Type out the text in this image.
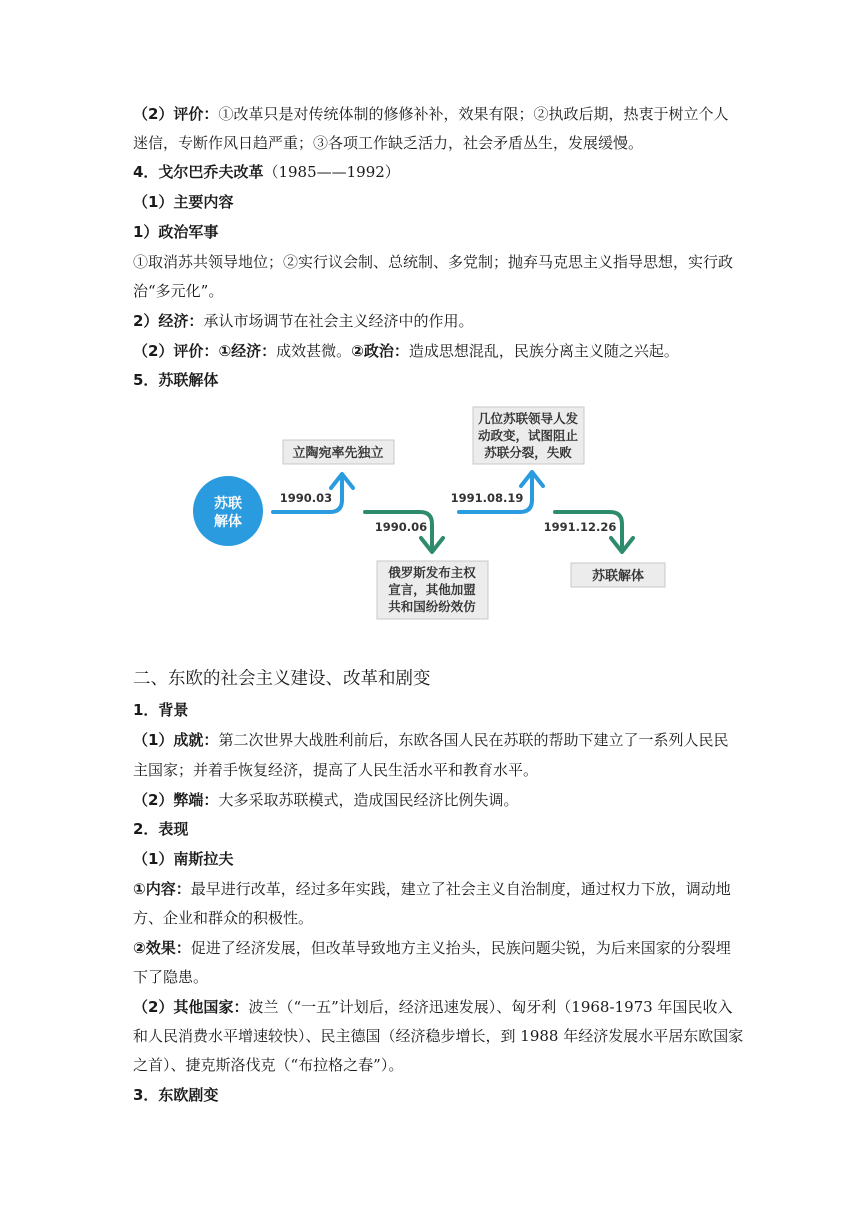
（2）评价：①改革只是对传统体制的修修补补，效果有限；②执政后期，热衷于树立个人
迷信，专断作风日趋严重；③各项工作缺乏活力，社会矛盾丛生，发展缓慢。
4．戈尔巴乔夫改革（1985——1992）
（1）主要内容
1）政治军事
①取消苏共领导地位；②实行议会制、总统制、多党制；抛弃马克思主义指导思想，实行政
治“多元化”。
2）经济：承认市场调节在社会主义经济中的作用。
（2）评价：①经济：成效甚微。②政治：造成思想混乱，民族分离主义随之兴起。
5．苏联解体
苏联
解体
1990.03
立陶宛率先独立
1990.06
俄罗斯发布主权
宣言，其他加盟
共和国纷纷效仿
1991.08.19
几位苏联领导人发
动政变，试图阻止
苏联分裂，失败
1991.12.26
苏联解体
二、东欧的社会主义建设、改革和剧变
1．背景
（1）成就：第二次世界大战胜利前后，东欧各国人民在苏联的帮助下建立了一系列人民民
主国家；并着手恢复经济，提高了人民生活水平和教育水平。
（2）弊端：大多采取苏联模式，造成国民经济比例失调。
2．表现
（1）南斯拉夫
①内容：最早进行改革，经过多年实践，建立了社会主义自治制度，通过权力下放，调动地
方、企业和群众的积极性。
②效果：促进了经济发展，但改革导致地方主义抬头，民族问题尖锐，为后来国家的分裂埋
下了隐患。
（2）其他国家：波兰（“一五”计划后，经济迅速发展）、匈牙利（1968-1973 年国民收入
和人民消费水平增速较快）、民主德国（经济稳步增长，到 1988 年经济发展水平居东欧国家
之首）、捷克斯洛伐克（“布拉格之春”）。
3．东欧剧变
